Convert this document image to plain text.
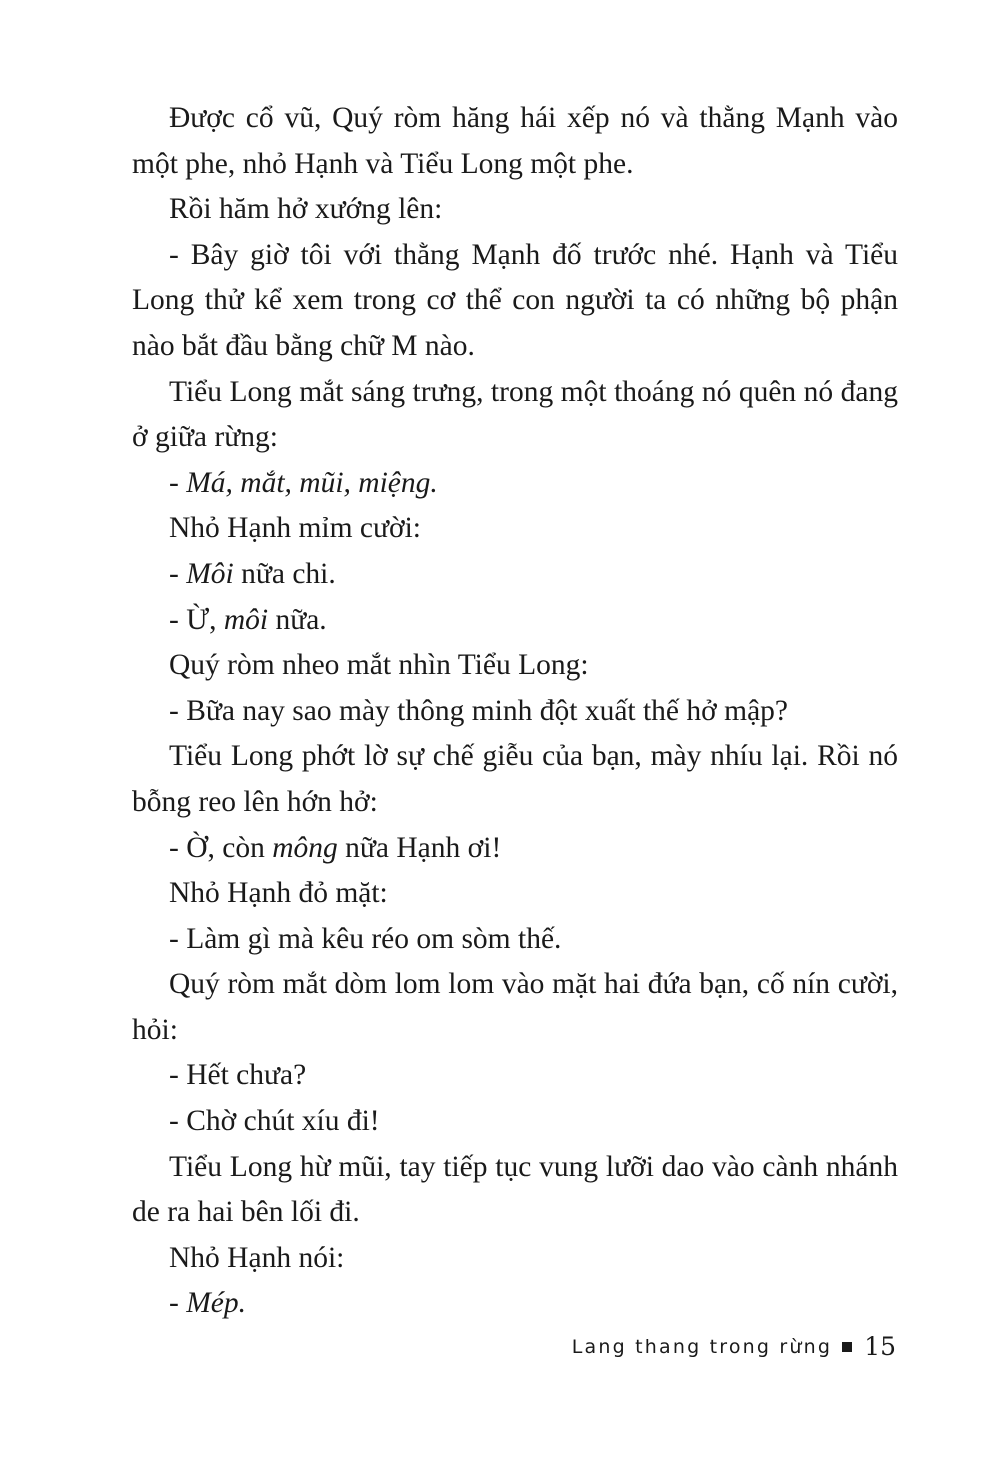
Được cổ vũ, Quý ròm hăng hái xếp nó và thằng Mạnh vào một phe, nhỏ Hạnh và Tiểu Long một phe.

Rồi hăm hở xướng lên:

- Bây giờ tôi với thằng Mạnh đố trước nhé. Hạnh và Tiểu Long thử kể xem trong cơ thể con người ta có những bộ phận nào bắt đầu bằng chữ M nào.

Tiểu Long mắt sáng trưng, trong một thoáng nó quên nó đang ở giữa rừng:

- Má, mắt, mũi, miệng.

Nhỏ Hạnh mỉm cười:

- Môi nữa chi.

- Ừ, môi nữa.

Quý ròm nheo mắt nhìn Tiểu Long:

- Bữa nay sao mày thông minh đột xuất thế hở mập?

Tiểu Long phớt lờ sự chế giễu của bạn, mày nhíu lại. Rồi nó bỗng reo lên hớn hở:

- Ờ, còn mông nữa Hạnh ơi!

Nhỏ Hạnh đỏ mặt:

- Làm gì mà kêu réo om sòm thế.

Quý ròm mắt dòm lom lom vào mặt hai đứa bạn, cố nín cười, hỏi:

- Hết chưa?

- Chờ chút xíu đi!

Tiểu Long hừ mũi, tay tiếp tục vung lưỡi dao vào cành nhánh de ra hai bên lối đi.

Nhỏ Hạnh nói:

- Mép.

Lang thang trong rừng 15
